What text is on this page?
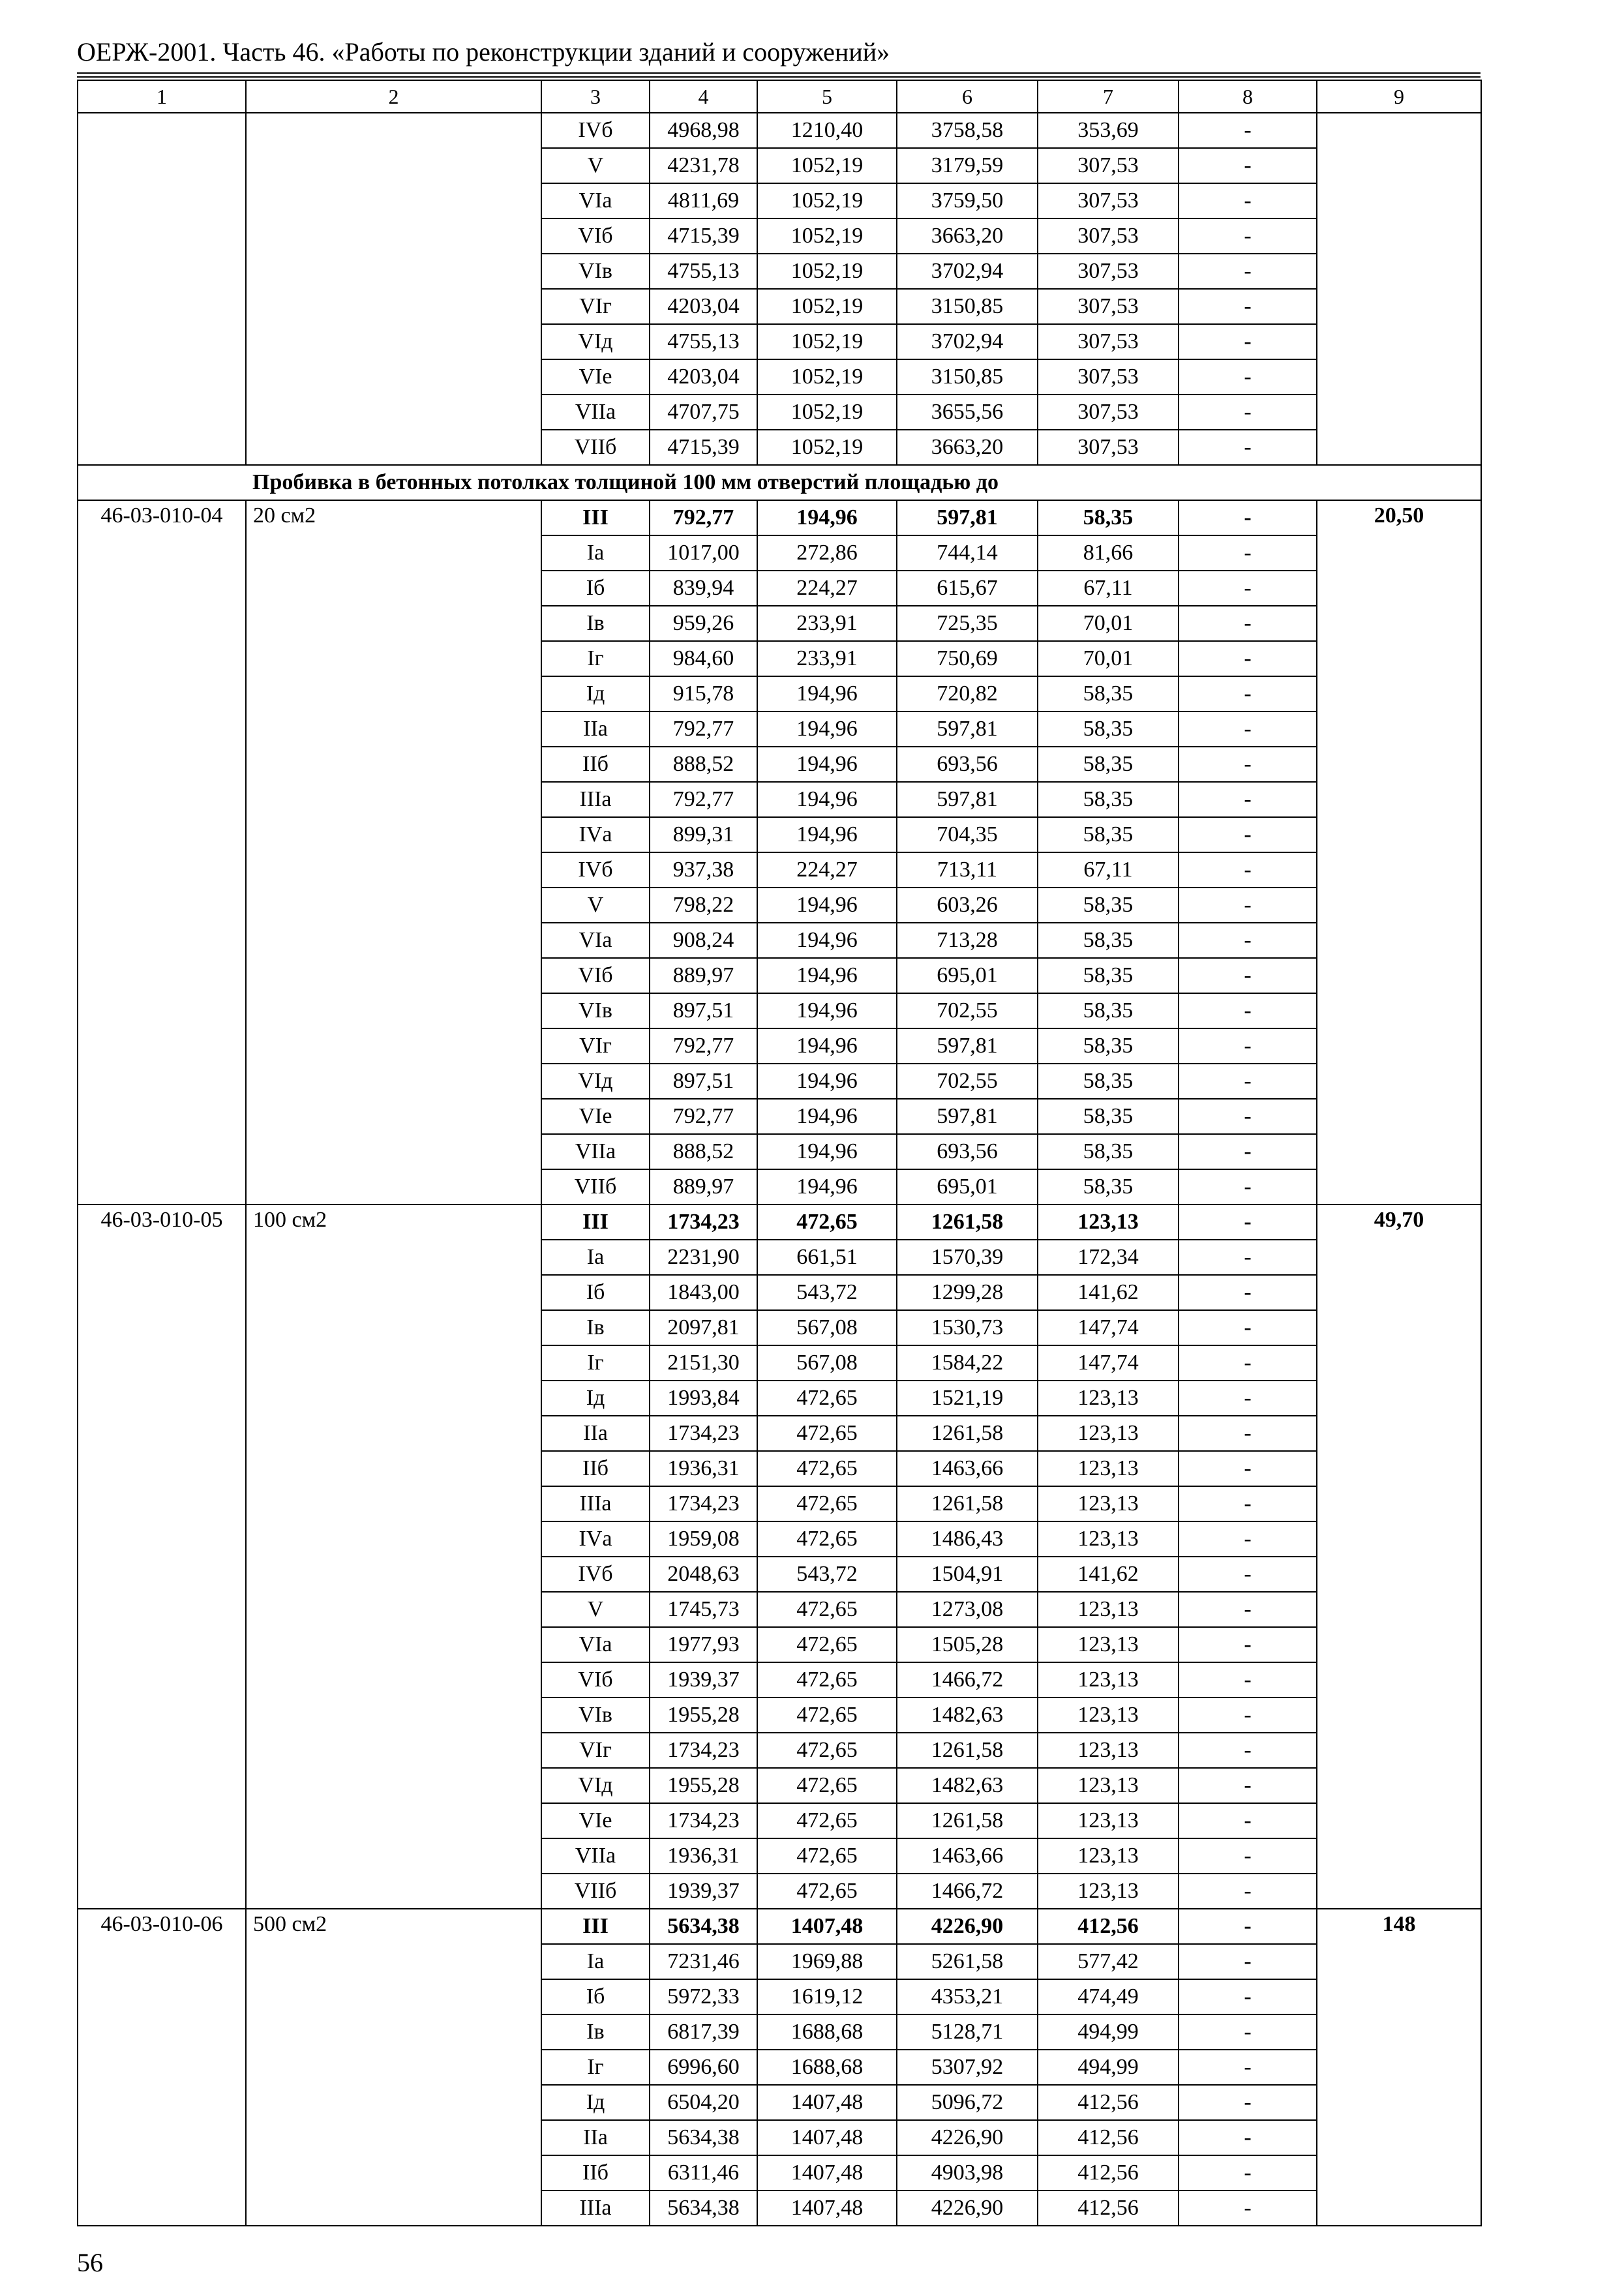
ОЕРЖ-2001. Часть 46. «Работы по реконструкции зданий и сооружений»
1	2	3	4	5	6	7	8	9
		IVб	4968,98	1210,40	3758,58	353,69	-	
		V	4231,78	1052,19	3179,59	307,53	-	
		VIа	4811,69	1052,19	3759,50	307,53	-	
		VIб	4715,39	1052,19	3663,20	307,53	-	
		VIв	4755,13	1052,19	3702,94	307,53	-	
		VIг	4203,04	1052,19	3150,85	307,53	-	
		VIд	4755,13	1052,19	3702,94	307,53	-	
		VIе	4203,04	1052,19	3150,85	307,53	-	
		VIIа	4707,75	1052,19	3655,56	307,53	-	
		VIIб	4715,39	1052,19	3663,20	307,53	-	
	Пробивка в бетонных потолках толщиной 100 мм отверстий площадью до							
46-03-010-04	20 см2	III	792,77	194,96	597,81	58,35	-	20,50
		Iа	1017,00	272,86	744,14	81,66	-	
		Iб	839,94	224,27	615,67	67,11	-	
		Iв	959,26	233,91	725,35	70,01	-	
		Iг	984,60	233,91	750,69	70,01	-	
		Iд	915,78	194,96	720,82	58,35	-	
		IIа	792,77	194,96	597,81	58,35	-	
		IIб	888,52	194,96	693,56	58,35	-	
		IIIа	792,77	194,96	597,81	58,35	-	
		IVа	899,31	194,96	704,35	58,35	-	
		IVб	937,38	224,27	713,11	67,11	-	
		V	798,22	194,96	603,26	58,35	-	
		VIа	908,24	194,96	713,28	58,35	-	
		VIб	889,97	194,96	695,01	58,35	-	
		VIв	897,51	194,96	702,55	58,35	-	
		VIг	792,77	194,96	597,81	58,35	-	
		VIд	897,51	194,96	702,55	58,35	-	
		VIе	792,77	194,96	597,81	58,35	-	
		VIIа	888,52	194,96	693,56	58,35	-	
		VIIб	889,97	194,96	695,01	58,35	-	
46-03-010-05	100 см2	III	1734,23	472,65	1261,58	123,13	-	49,70
		Iа	2231,90	661,51	1570,39	172,34	-	
		Iб	1843,00	543,72	1299,28	141,62	-	
		Iв	2097,81	567,08	1530,73	147,74	-	
		Iг	2151,30	567,08	1584,22	147,74	-	
		Iд	1993,84	472,65	1521,19	123,13	-	
		IIа	1734,23	472,65	1261,58	123,13	-	
		IIб	1936,31	472,65	1463,66	123,13	-	
		IIIа	1734,23	472,65	1261,58	123,13	-	
		IVа	1959,08	472,65	1486,43	123,13	-	
		IVб	2048,63	543,72	1504,91	141,62	-	
		V	1745,73	472,65	1273,08	123,13	-	
		VIа	1977,93	472,65	1505,28	123,13	-	
		VIб	1939,37	472,65	1466,72	123,13	-	
		VIв	1955,28	472,65	1482,63	123,13	-	
		VIг	1734,23	472,65	1261,58	123,13	-	
		VIд	1955,28	472,65	1482,63	123,13	-	
		VIе	1734,23	472,65	1261,58	123,13	-	
		VIIа	1936,31	472,65	1463,66	123,13	-	
		VIIб	1939,37	472,65	1466,72	123,13	-	
46-03-010-06	500 см2	III	5634,38	1407,48	4226,90	412,56	-	148
		Iа	7231,46	1969,88	5261,58	577,42	-	
		Iб	5972,33	1619,12	4353,21	474,49	-	
		Iв	6817,39	1688,68	5128,71	494,99	-	
		Iг	6996,60	1688,68	5307,92	494,99	-	
		Iд	6504,20	1407,48	5096,72	412,56	-	
		IIа	5634,38	1407,48	4226,90	412,56	-	
		IIб	6311,46	1407,48	4903,98	412,56	-	
		IIIа	5634,38	1407,48	4226,90	412,56	-	
56
